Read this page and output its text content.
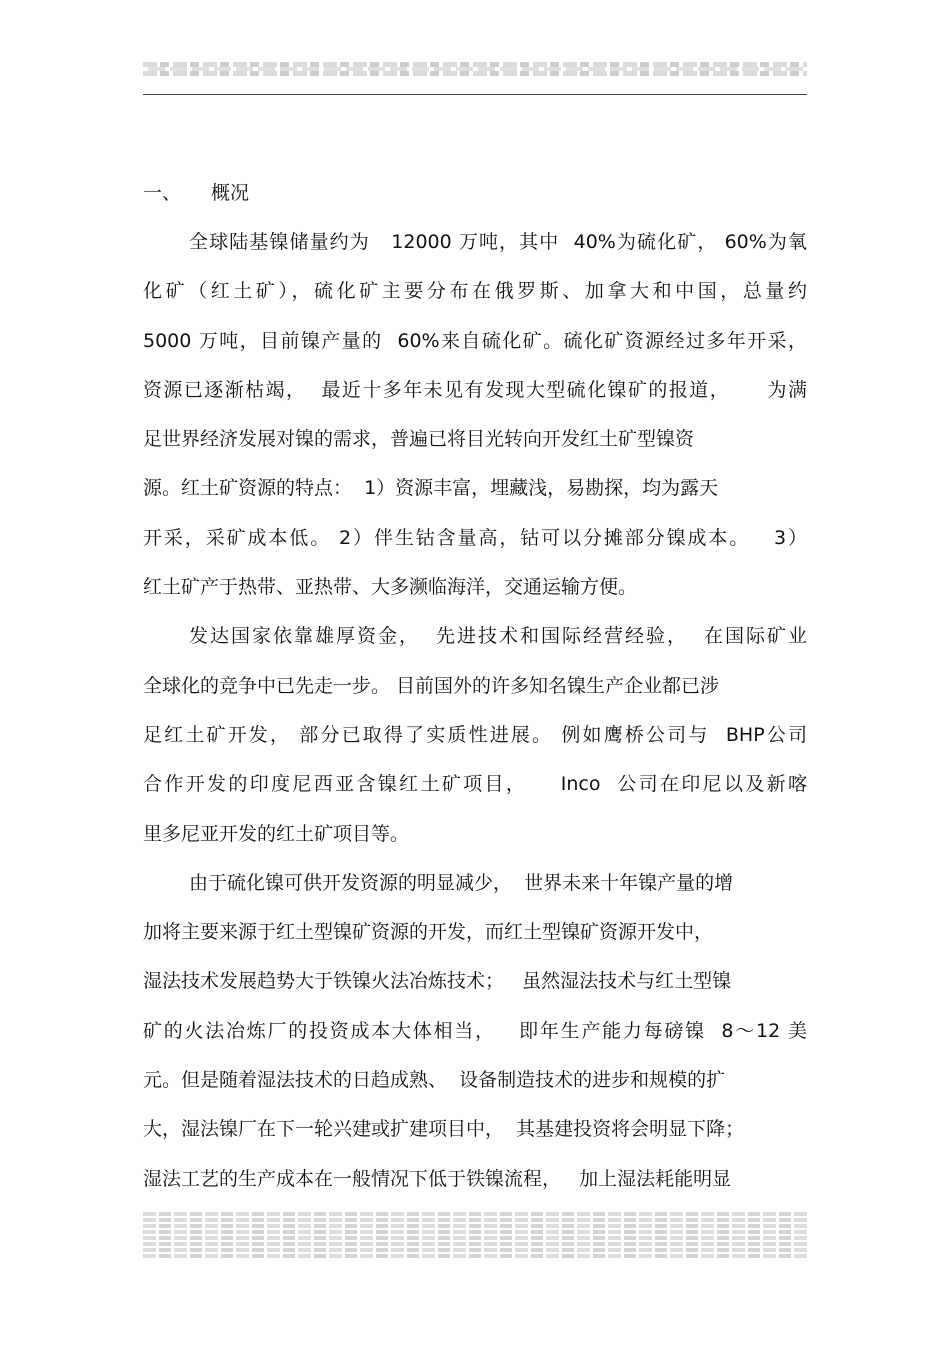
一、	概况
全球陆基镍储量约为   12000 万吨，其中  40%为硫化矿， 60%为氧
化矿（红土矿），硫化矿主要分布在俄罗斯、加拿大和中国，总量约
5000 万吨，目前镍产量的  60%来自硫化矿。硫化矿资源经过多年开采，
资源已逐渐枯竭，  最近十多年未见有发现大型硫化镍矿的报道，     为满
足世界经济发展对镍的需求，普遍已将目光转向开发红土矿型镍资
源。红土矿资源的特点：  1）资源丰富，埋藏浅，易勘探，均为露天
开采，采矿成本低。 2）伴生钴含量高，钴可以分摊部分镍成本。   3）
红土矿产于热带、亚热带、大多濒临海洋，交通运输方便。
发达国家依靠雄厚资金，  先进技术和国际经营经验，  在国际矿业
全球化的竞争中已先走一步。 目前国外的许多知名镍生产企业都已涉
足红土矿开发， 部分已取得了实质性进展。 例如鹰桥公司与  BHP公司
合作开发的印度尼西亚含镍红土矿项目，    Inco  公司在印尼以及新喀
里多尼亚开发的红土矿项目等。
由于硫化镍可供开发资源的明显减少，  世界未来十年镍产量的增
加将主要来源于红土型镍矿资源的开发，而红土型镍矿资源开发中，
湿法技术发展趋势大于铁镍火法冶炼技术；   虽然湿法技术与红土型镍
矿的火法冶炼厂的投资成本大体相当，   即年生产能力每磅镍  8～12 美
元。但是随着湿法技术的日趋成熟、  设备制造技术的进步和规模的扩
大，湿法镍厂在下一轮兴建或扩建项目中，  其基建投资将会明显下降；
湿法工艺的生产成本在一般情况下低于铁镍流程，   加上湿法耗能明显
